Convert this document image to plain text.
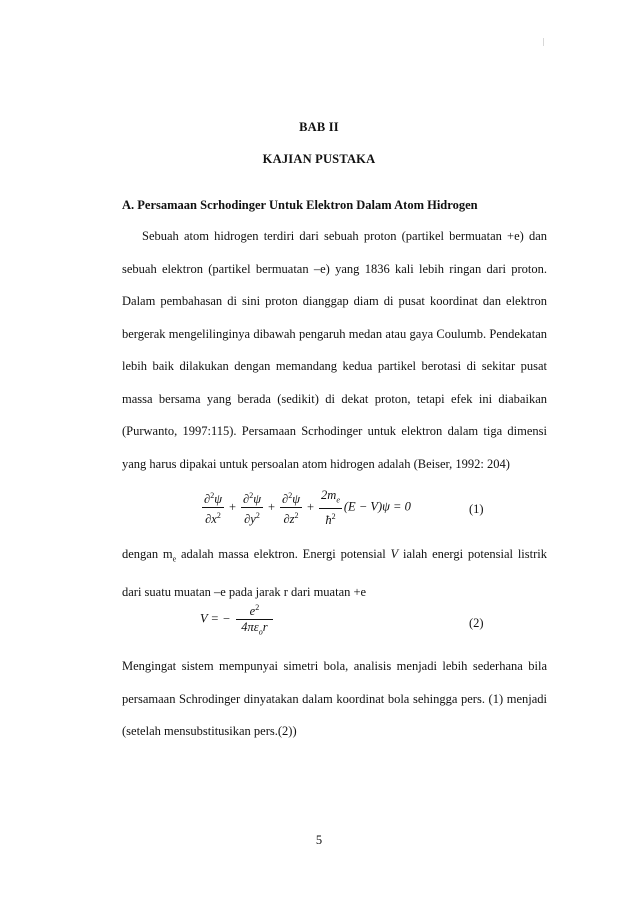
BAB II
KAJIAN PUSTAKA
A. Persamaan Scrhodinger Untuk Elektron Dalam Atom Hidrogen

Sebuah atom hidrogen terdiri dari sebuah proton (partikel bermuatan +e) dan sebuah elektron (partikel bermuatan –e) yang 1836 kali lebih ringan dari proton. Dalam pembahasan di sini proton dianggap diam di pusat koordinat dan elektron bergerak mengelilinginya dibawah pengaruh medan atau gaya Coulumb. Pendekatan lebih baik dilakukan dengan memandang kedua partikel berotasi di sekitar pusat massa bersama yang berada (sedikit) di dekat proton, tetapi efek ini diabaikan (Purwanto, 1997:115). Persamaan Scrhodinger untuk elektron dalam tiga dimensi yang harus dipakai untuk persoalan atom hidrogen adalah (Beiser, 1992: 204)

$\frac{\partial^2\psi}{\partial x^2} + \frac{\partial^2\psi}{\partial y^2} + \frac{\partial^2\psi}{\partial z^2} + \frac{2m_e}{ħ^2} (E - V)\psi = 0$	(1)

dengan $m_e$ adalah massa elektron. Energi potensial V ialah energi potensial listrik dari suatu muatan –e pada jarak r dari muatan +e

V = − $\frac{e^2}{4\pi\varepsilon_or}$	(2)

Mengingat sistem mempunyai simetri bola, analisis menjadi lebih sederhana bila persamaan Schrodinger dinyatakan dalam koordinat bola sehingga pers. (1) menjadi (setelah mensubstitusikan pers.(2))

5
